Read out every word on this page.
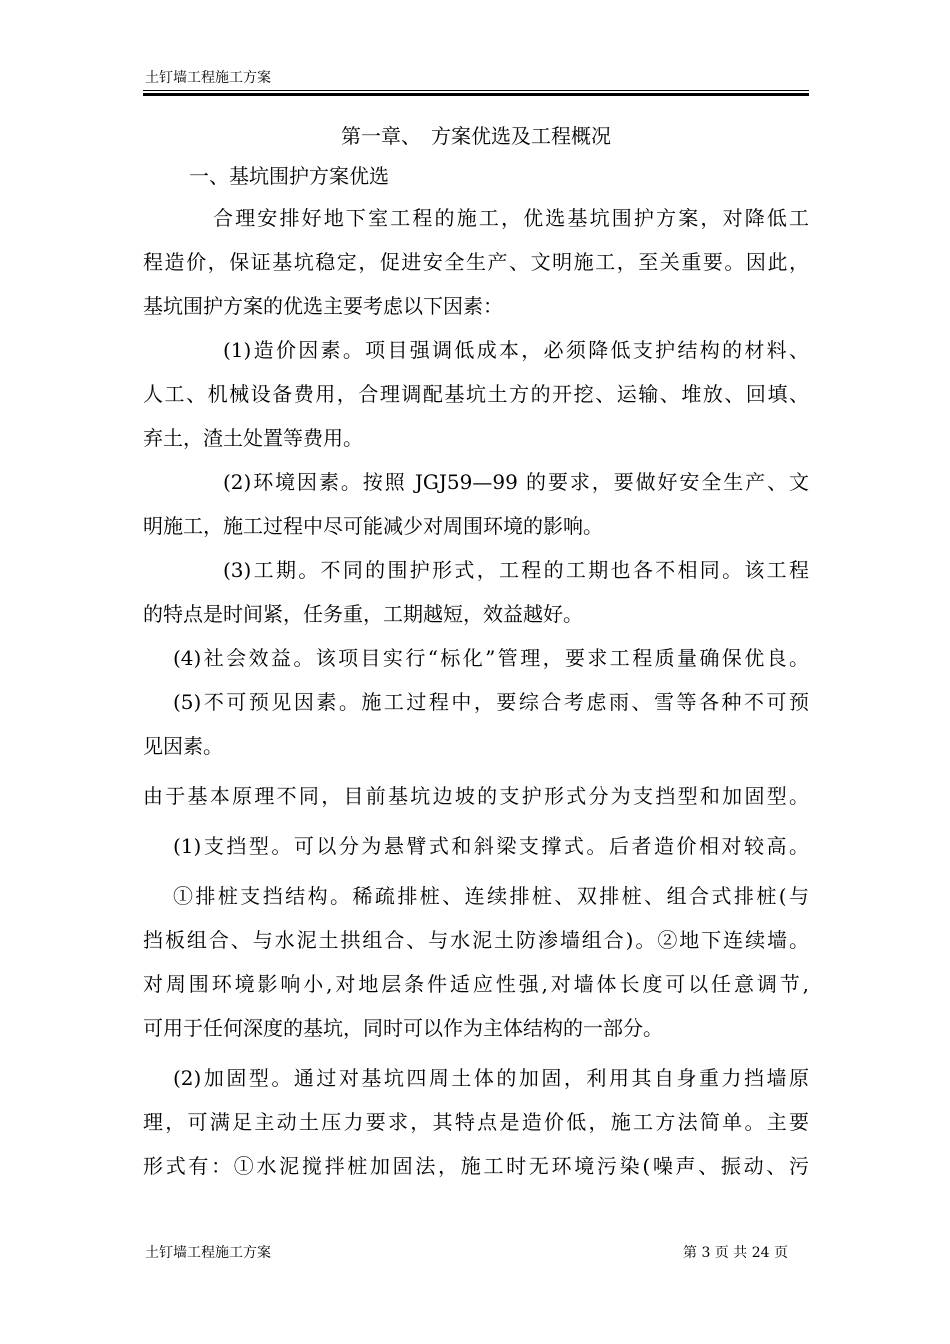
土钉墙工程施工方案
第一章、　方案优选及工程概况
一、基坑围护方案优选
合理安排好地下室工程的施工，优选基坑围护方案，对降低工
程造价，保证基坑稳定，促进安全生产、文明施工，至关重要。因此，
基坑围护方案的优选主要考虑以下因素：
(1)造价因素。项目强调低成本，必须降低支护结构的材料、
人工、机械设备费用，合理调配基坑土方的开挖、运输、堆放、回填、
弃土，渣土处置等费用。
(2)环境因素。按照 JGJ59—99 的要求，要做好安全生产、文
明施工，施工过程中尽可能减少对周围环境的影响。
(3)工期。不同的围护形式，工程的工期也各不相同。该工程
的特点是时间紧，任务重，工期越短，效益越好。
(4)社会效益。该项目实行“标化”管理，要求工程质量确保优良。
(5)不可预见因素。施工过程中，要综合考虑雨、雪等各种不可预
见因素。
由于基本原理不同，目前基坑边坡的支护形式分为支挡型和加固型。
(1)支挡型。可以分为悬臂式和斜梁支撑式。后者造价相对较高。
①排桩支挡结构。稀疏排桩、连续排桩、双排桩、组合式排桩(与
挡板组合、与水泥土拱组合、与水泥土防渗墙组合)。②地下连续墙。
对周围环境影响小,对地层条件适应性强,对墙体长度可以任意调节,
可用于任何深度的基坑，同时可以作为主体结构的一部分。
(2)加固型。通过对基坑四周土体的加固，利用其自身重力挡墙原
理，可满足主动土压力要求，其特点是造价低，施工方法简单。主要
形式有：①水泥搅拌桩加固法，施工时无环境污染(噪声、振动、污
土钉墙工程施工方案	第 3 页 共 24 页
